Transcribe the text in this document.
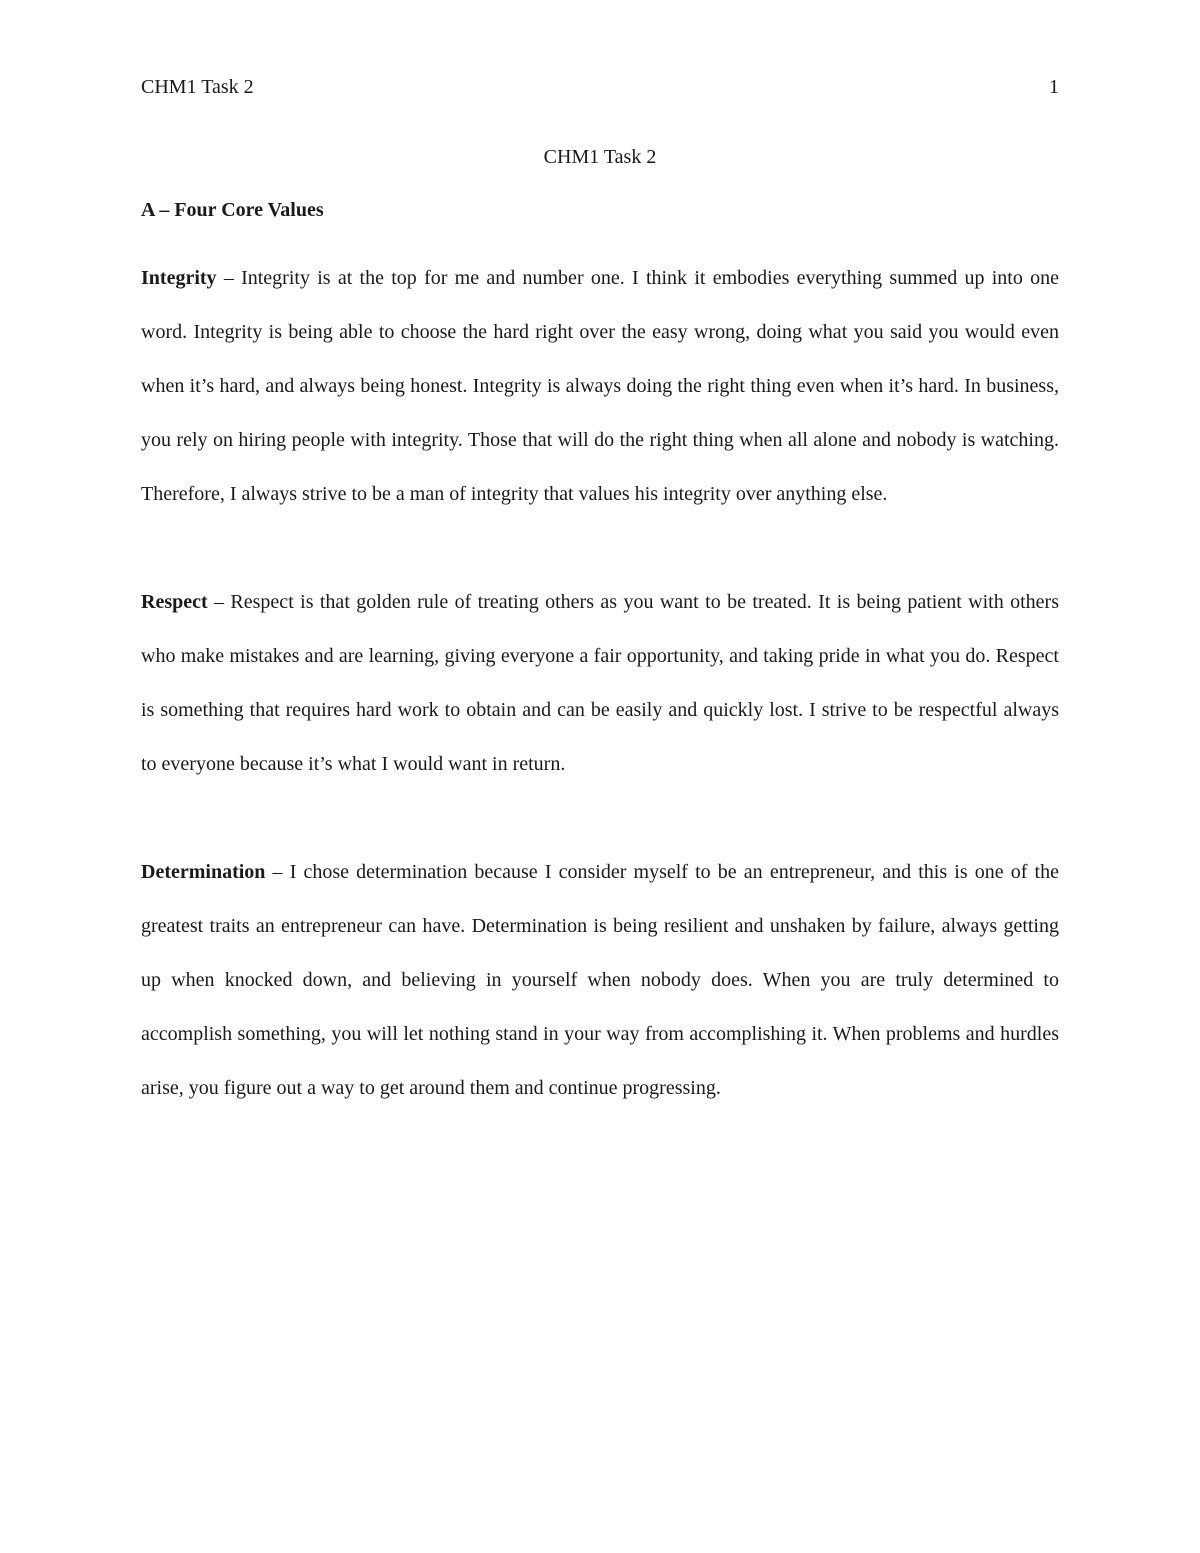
CHM1 Task 2	1
CHM1 Task 2

A – Four Core Values

Integrity – Integrity is at the top for me and number one. I think it embodies everything summed up into one word. Integrity is being able to choose the hard right over the easy wrong, doing what you said you would even when it’s hard, and always being honest. Integrity is always doing the right thing even when it’s hard. In business, you rely on hiring people with integrity. Those that will do the right thing when all alone and nobody is watching. Therefore, I always strive to be a man of integrity that values his integrity over anything else.

Respect – Respect is that golden rule of treating others as you want to be treated. It is being patient with others who make mistakes and are learning, giving everyone a fair opportunity, and taking pride in what you do. Respect is something that requires hard work to obtain and can be easily and quickly lost. I strive to be respectful always to everyone because it’s what I would want in return.

Determination – I chose determination because I consider myself to be an entrepreneur, and this is one of the greatest traits an entrepreneur can have. Determination is being resilient and unshaken by failure, always getting up when knocked down, and believing in yourself when nobody does. When you are truly determined to accomplish something, you will let nothing stand in your way from accomplishing it. When problems and hurdles arise, you figure out a way to get around them and continue progressing.
